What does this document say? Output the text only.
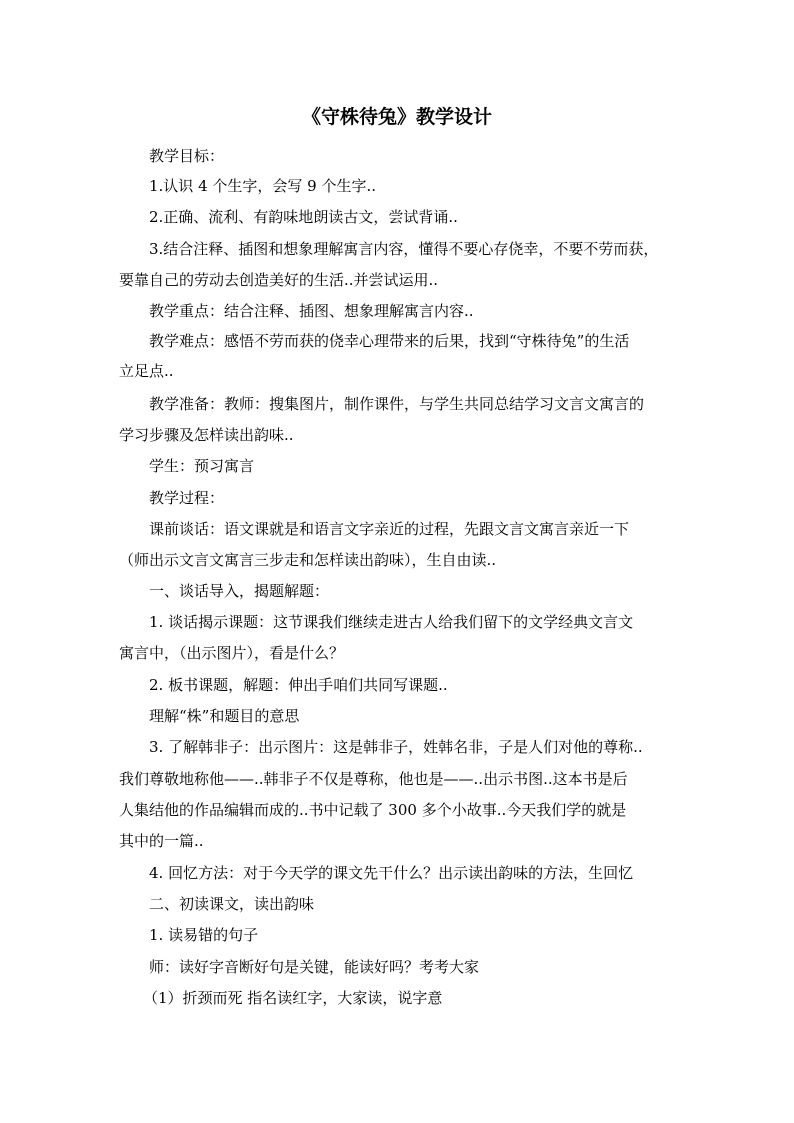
《守株待兔》教学设计

教学目标：

1.认识 4 个生字，会写 9 个生字..

2.正确、流利、有韵味地朗读古文，尝试背诵..

3.结合注释、插图和想象理解寓言内容，懂得不要心存侥幸，不要不劳而获，

要靠自己的劳动去创造美好的生活..并尝试运用..

教学重点：结合注释、插图、想象理解寓言内容..

教学难点：感悟不劳而获的侥幸心理带来的后果，找到“守株待兔”的生活

立足点..

教学准备：教师：搜集图片，制作课件，与学生共同总结学习文言文寓言的

学习步骤及怎样读出韵味..

学生：预习寓言

教学过程：

课前谈话：语文课就是和语言文字亲近的过程，先跟文言文寓言亲近一下

（师出示文言文寓言三步走和怎样读出韵味），生自由读..

一、谈话导入，揭题解题：

1. 谈话揭示课题：这节课我们继续走进古人给我们留下的文学经典文言文

寓言中，（出示图片），看是什么？

2. 板书课题，解题：伸出手咱们共同写课题..

理解“株”和题目的意思

3. 了解韩非子：出示图片：这是韩非子，姓韩名非，子是人们对他的尊称..

我们尊敬地称他——..韩非子不仅是尊称，他也是——..出示书图..这本书是后

人集结他的作品编辑而成的..书中记载了 300 多个小故事..今天我们学的就是

其中的一篇..

4. 回忆方法：对于今天学的课文先干什么？出示读出韵味的方法，生回忆

二、初读课文，读出韵味

1. 读易错的句子

师：读好字音断好句是关键，能读好吗？考考大家

（1）折颈而死 指名读红字，大家读，说字意
